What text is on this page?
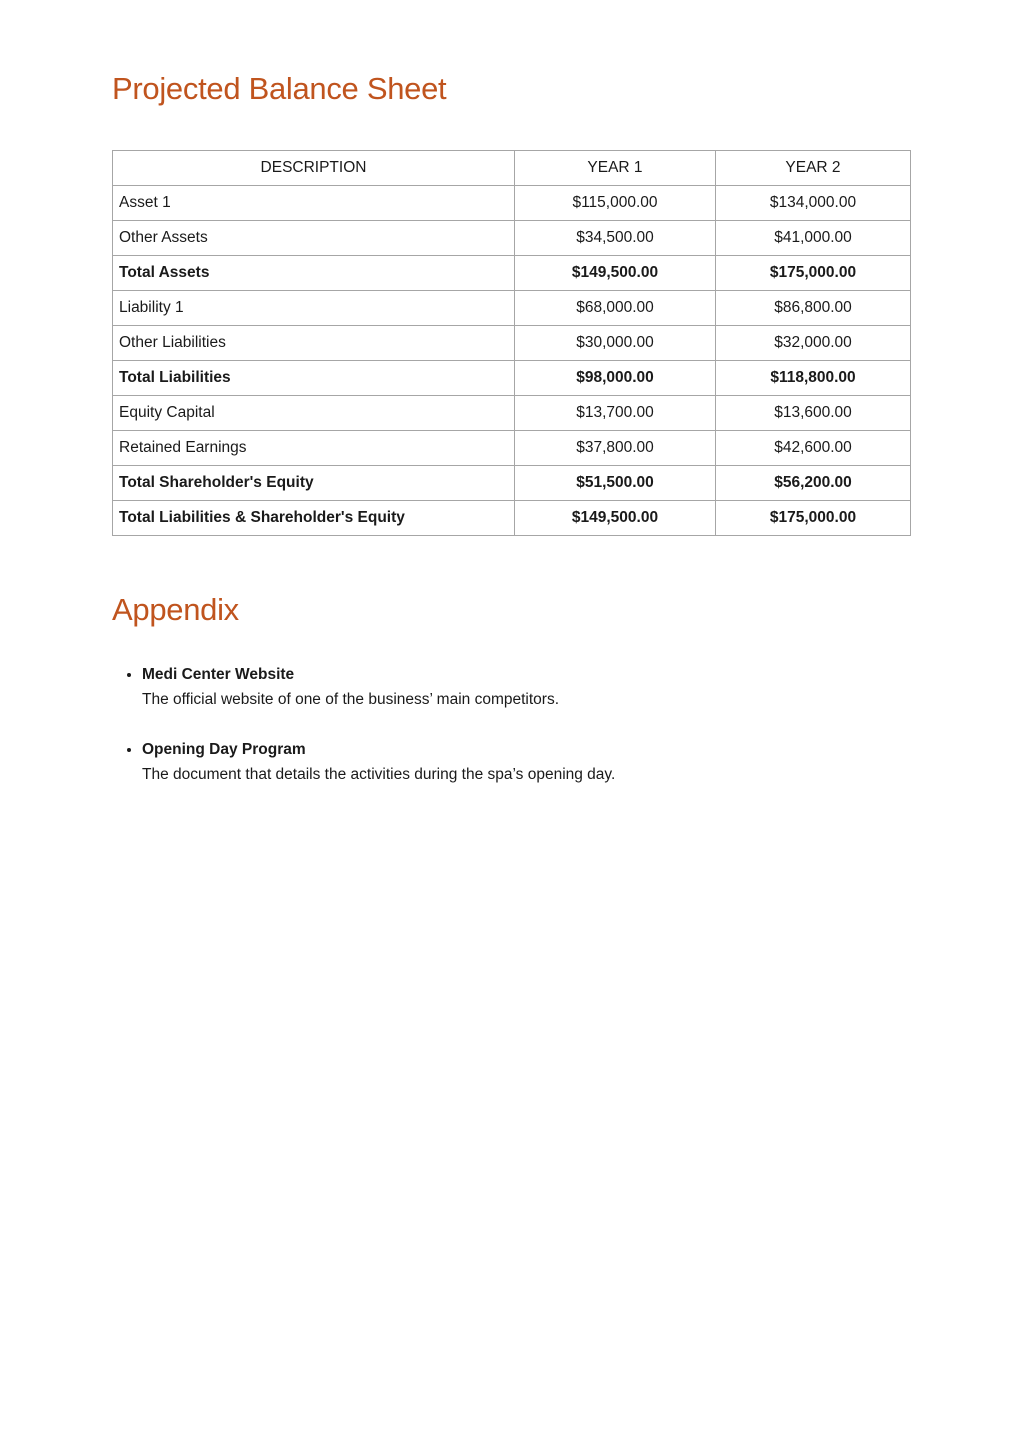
Projected Balance Sheet
DESCRIPTION	YEAR 1	YEAR 2
Asset 1	$115,000.00	$134,000.00
Other Assets	$34,500.00	$41,000.00
Total Assets	$149,500.00	$175,000.00
Liability 1	$68,000.00	$86,800.00
Other Liabilities	$30,000.00	$32,000.00
Total Liabilities	$98,000.00	$118,800.00
Equity Capital	$13,700.00	$13,600.00
Retained Earnings	$37,800.00	$42,600.00
Total Shareholder's Equity	$51,500.00	$56,200.00
Total Liabilities & Shareholder's Equity	$149,500.00	$175,000.00
Appendix
• Medi Center Website
The official website of one of the business’ main competitors.
• Opening Day Program
The document that details the activities during the spa’s opening day.
